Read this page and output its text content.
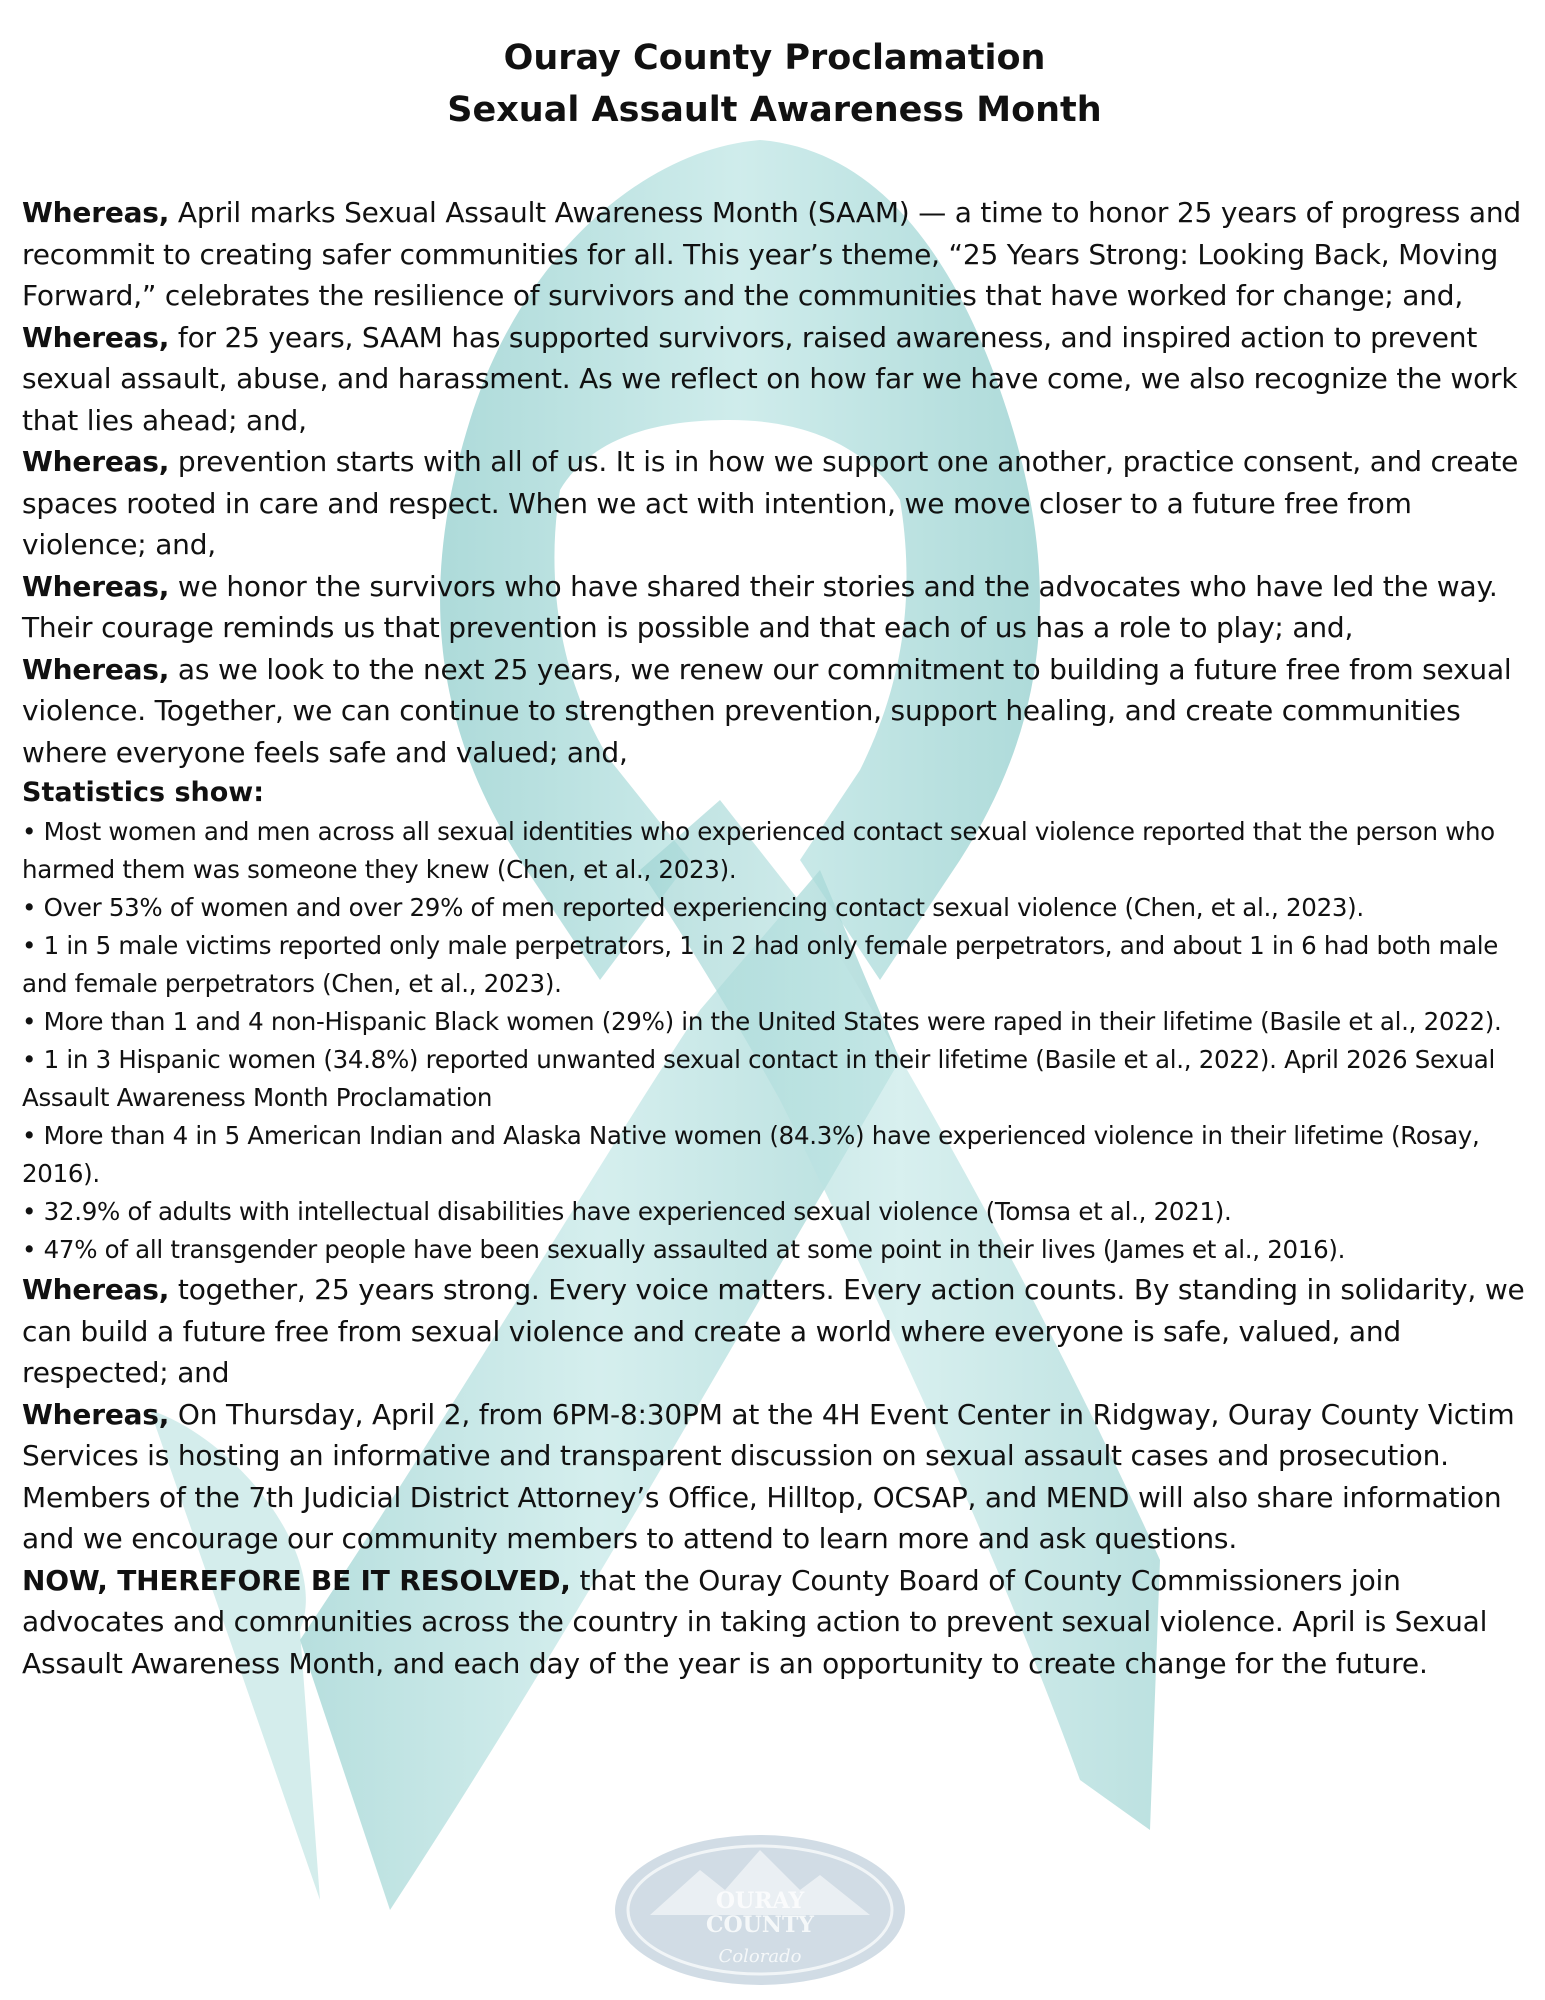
OURAY
COUNTY
Colorado
Ouray County Proclamation
Sexual Assault Awareness Month

Whereas, April marks Sexual Assault Awareness Month (SAAM) — a time to honor 25 years of progress and recommit to creating safer communities for all. This year’s theme, “25 Years Strong: Looking Back, Moving Forward,” celebrates the resilience of survivors and the communities that have worked for change; and,

Whereas, for 25 years, SAAM has supported survivors, raised awareness, and inspired action to prevent sexual assault, abuse, and harassment. As we reflect on how far we have come, we also recognize the work that lies ahead; and,

Whereas, prevention starts with all of us. It is in how we support one another, practice consent, and create spaces rooted in care and respect. When we act with intention, we move closer to a future free from violence; and,

Whereas, we honor the survivors who have shared their stories and the advocates who have led the way. Their courage reminds us that prevention is possible and that each of us has a role to play; and,

Whereas, as we look to the next 25 years, we renew our commitment to building a future free from sexual violence. Together, we can continue to strengthen prevention, support healing, and create communities where everyone feels safe and valued; and,

Statistics show:

• Most women and men across all sexual identities who experienced contact sexual violence reported that the person who harmed them was someone they knew (Chen, et al., 2023).
• Over 53% of women and over 29% of men reported experiencing contact sexual violence (Chen, et al., 2023).
• 1 in 5 male victims reported only male perpetrators, 1 in 2 had only female perpetrators, and about 1 in 6 had both male and female perpetrators (Chen, et al., 2023).
• More than 1 and 4 non-Hispanic Black women (29%) in the United States were raped in their lifetime (Basile et al., 2022).
• 1 in 3 Hispanic women (34.8%) reported unwanted sexual contact in their lifetime (Basile et al., 2022). April 2026 Sexual Assault Awareness Month Proclamation
• More than 4 in 5 American Indian and Alaska Native women (84.3%) have experienced violence in their lifetime (Rosay, 2016).
• 32.9% of adults with intellectual disabilities have experienced sexual violence (Tomsa et al., 2021).
• 47% of all transgender people have been sexually assaulted at some point in their lives (James et al., 2016).

Whereas, together, 25 years strong. Every voice matters. Every action counts. By standing in solidarity, we can build a future free from sexual violence and create a world where everyone is safe, valued, and respected; and

Whereas, On Thursday, April 2, from 6PM-8:30PM at the 4H Event Center in Ridgway, Ouray County Victim Services is hosting an informative and transparent discussion on sexual assault cases and prosecution. Members of the 7th Judicial District Attorney’s Office, Hilltop, OCSAP, and MEND will also share information and we encourage our community members to attend to learn more and ask questions.

NOW, THEREFORE BE IT RESOLVED, that the Ouray County Board of County Commissioners join advocates and communities across the country in taking action to prevent sexual violence. April is Sexual Assault Awareness Month, and each day of the year is an opportunity to create change for the future.
